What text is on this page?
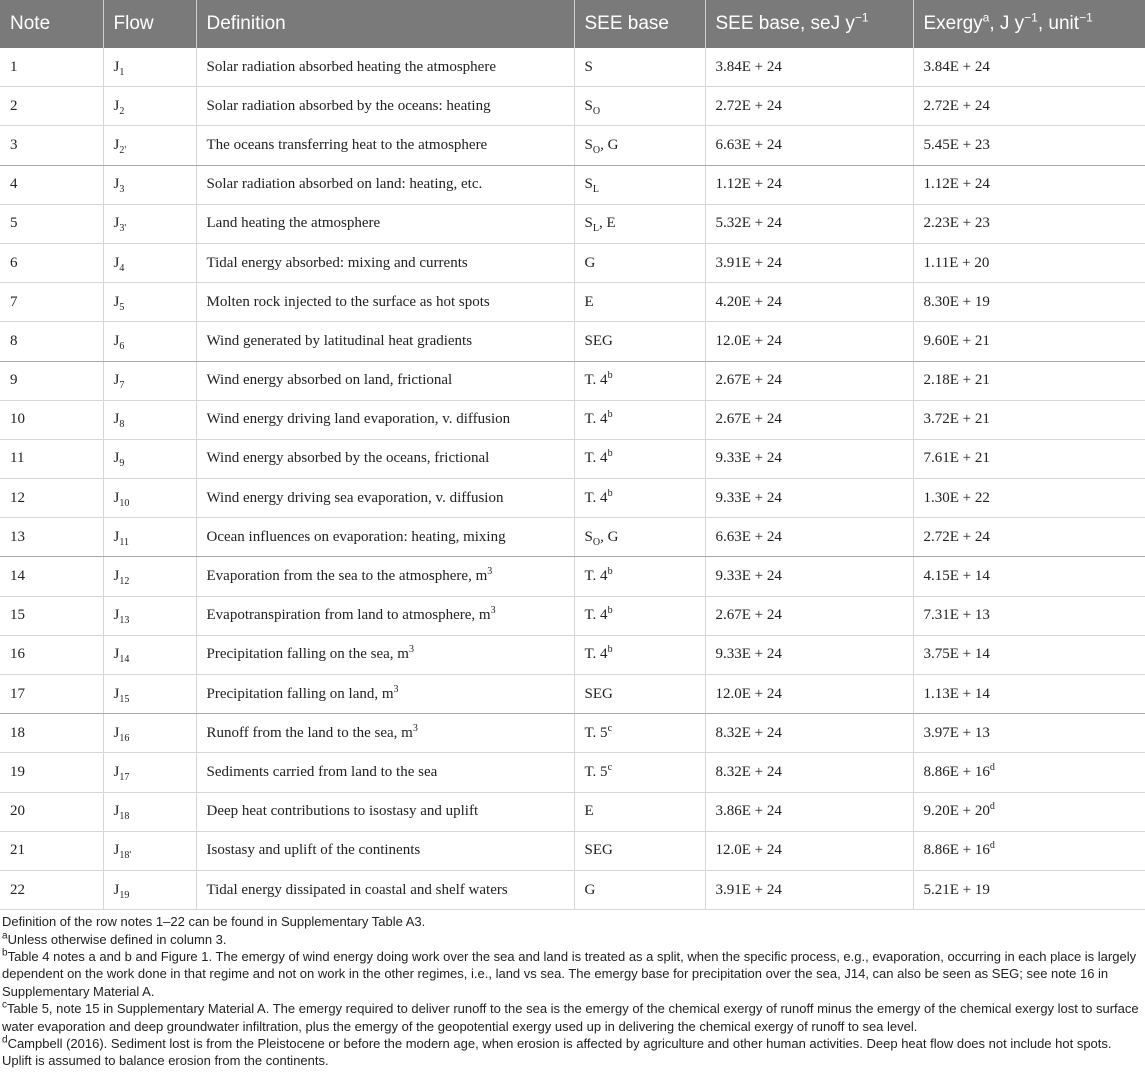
Note	Flow	Definition	SEE base	SEE base, seJ $y^{-1}$	Exergy$^a$, J $y^{-1}$, unit$^{-1}$
1	$J_1$	Solar radiation absorbed heating the atmosphere	S	3.84E + 24	3.84E + 24
2	$J_2$	Solar radiation absorbed by the oceans: heating	$S_O$	2.72E + 24	2.72E + 24
3	$J_{2'}$	The oceans transferring heat to the atmosphere	$S_O$, G	6.63E + 24	5.45E + 23
4	$J_3$	Solar radiation absorbed on land: heating, etc.	$S_L$	1.12E + 24	1.12E + 24
5	$J_{3'}$	Land heating the atmosphere	$S_L$, E	5.32E + 24	2.23E + 23
6	$J_4$	Tidal energy absorbed: mixing and currents	G	3.91E + 24	1.11E + 20
7	$J_5$	Molten rock injected to the surface as hot spots	E	4.20E + 24	8.30E + 19
8	$J_6$	Wind generated by latitudinal heat gradients	SEG	12.0E + 24	9.60E + 21
9	$J_7$	Wind energy absorbed on land, frictional	T. 4$^b$	2.67E + 24	2.18E + 21
10	$J_8$	Wind energy driving land evaporation, v. diffusion	T. 4$^b$	2.67E + 24	3.72E + 21
11	$J_9$	Wind energy absorbed by the oceans, frictional	T. 4$^b$	9.33E + 24	7.61E + 21
12	$J_{10}$	Wind energy driving sea evaporation, v. diffusion	T. 4$^b$	9.33E + 24	1.30E + 22
13	$J_{11}$	Ocean influences on evaporation: heating, mixing	$S_O$, G	6.63E + 24	2.72E + 24
14	$J_{12}$	Evaporation from the sea to the atmosphere, $m^3$	T. 4$^b$	9.33E + 24	4.15E + 14
15	$J_{13}$	Evapotranspiration from land to atmosphere, $m^3$	T. 4$^b$	2.67E + 24	7.31E + 13
16	$J_{14}$	Precipitation falling on the sea, $m^3$	T. 4$^b$	9.33E + 24	3.75E + 14
17	$J_{15}$	Precipitation falling on land, $m^3$	SEG	12.0E + 24	1.13E + 14
18	$J_{16}$	Runoff from the land to the sea, $m^3$	T. 5$^c$	8.32E + 24	3.97E + 13
19	$J_{17}$	Sediments carried from land to the sea	T. 5$^c$	8.32E + 24	$8.86E + 16^d$
20	$J_{18}$	Deep heat contributions to isostasy and uplift	E	3.86E + 24	$9.20E + 20^d$
21	$J_{18'}$	Isostasy and uplift of the continents	SEG	12.0E + 24	$8.86E + 16^d$
22	$J_{19}$	Tidal energy dissipated in coastal and shelf waters	G	3.91E + 24	5.21E + 19

Definition of the row notes 1–22 can be found in Supplementary Table A3.

$^a$Unless otherwise defined in column 3.

$^b$Table 4 notes a and b and Figure 1. The emergy of wind energy doing work over the sea and land is treated as a split, when the specific process, e.g., evaporation, occurring in each place is largely dependent on the work done in that regime and not on work in the other regimes, i.e., land vs sea. The emergy base for precipitation over the sea, J14, can also be seen as SEG; see note 16 in Supplementary Material A.

$^c$Table 5, note 15 in Supplementary Material A. The emergy required to deliver runoff to the sea is the emergy of the chemical exergy of runoff minus the emergy of the chemical exergy lost to surface water evaporation and deep groundwater infiltration, plus the emergy of the geopotential exergy used up in delivering the chemical exergy of runoff to sea level.

$^d$Campbell (2016). Sediment lost is from the Pleistocene or before the modern age, when erosion is affected by agriculture and other human activities. Deep heat flow does not include hot spots. Uplift is assumed to balance erosion from the continents.
